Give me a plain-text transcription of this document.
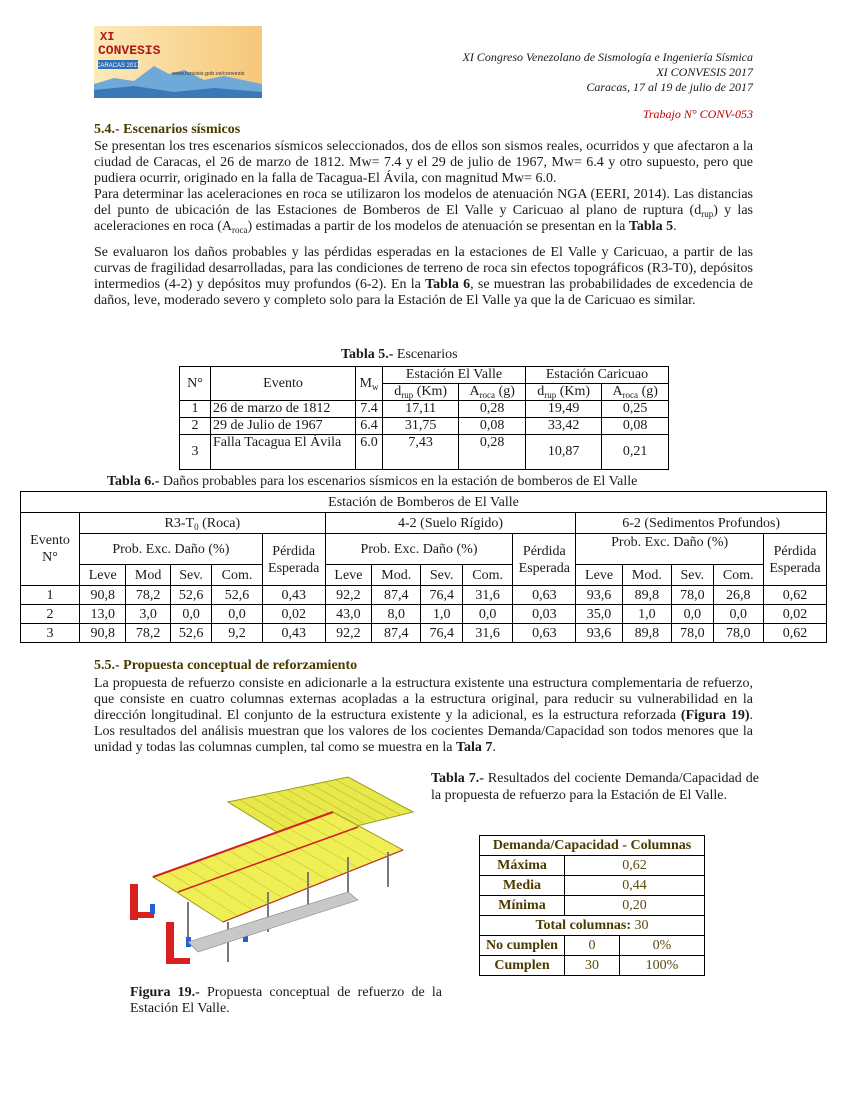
CARACAS 2017
XI
CONVESIS
www.funvisis.gob.ve/convesis
XI Congreso Venezolano de Sismología e Ingeniería Sísmica
XI CONVESIS 2017
Caracas, 17 al 19 de julio de 2017
Trabajo N° CONV-053
5.4.- Escenarios sísmicos

Se presentan los tres escenarios sísmicos seleccionados, dos de ellos son sismos reales, ocurridos y que afectaron a la ciudad de Caracas, el 26 de marzo de 1812. Mw= 7.4 y el 29 de julio de 1967, Mw= 6.4 y otro supuesto, pero que pudiera ocurrir, originado en la falla de Tacagua-El Ávila, con magnitud Mw= 6.0.

Para determinar las aceleraciones en roca se utilizaron los modelos de atenuación NGA (EERI, 2014). Las distancias del punto de ubicación de las Estaciones de Bomberos de El Valle y Caricuao al plano de ruptura $(d_{rup})$ y las aceleraciones en roca $(A_{roca})$ estimadas a partir de los modelos de atenuación se presentan en la Tabla 5.

Se evaluaron los daños probables y las pérdidas esperadas en la estaciones de El Valle y Caricuao, a partir de las curvas de fragilidad desarrolladas, para las condiciones de terreno de roca sin efectos topográficos (R3-T0), depósitos intermedios (4-2) y depósitos muy profundos (6-2). En la Tabla 6, se muestran las probabilidades de excedencia de daños, leve, moderado severo y completo solo para la Estación de El Valle ya que la de Caricuao es similar.

Tabla 5.- Escenarios
N°	Evento	$M_w$	Estación El Valle		Estación Caricuao	
			$d_{rup}$ (Km)	$A_{roca}$ (g)	$d_{rup}$ (Km)	$A_{roca}$ (g)
1	26 de marzo de 1812	7.4	17,11	0,28	19,49	0,25
2	29 de Julio de 1967	6.4	31,75	0,08	33,42	0,08
3	Falla Tacagua El Ávila	6.0	7,43	0,28	10,87	0,21
Tabla 6.- Daños probables para los escenarios sísmicos en la estación de bomberos de El Valle
Estación de Bomberos de El Valle															
Evento N°	$R3-T_0$ (Roca)					4-2 (Suelo Rígido)					6-2 (Sedimentos Profundos)				
	Prob. Exc. Daño (%)				Pérdida Esperada	Prob. Exc. Daño (%)				Pérdida Esperada	Prob. Exc. Daño (%)				Pérdida Esperada
	Leve	Mod	Sev.	Com.		Leve	Mod.	Sev.	Com.		Leve	Mod.	Sev.	Com.	
1	90,8	78,2	52,6	52,6	0,43	92,2	87,4	76,4	31,6	0,63	93,6	89,8	78,0	26,8	0,62
2	13,0	3,0	0,0	0,0	0,02	43,0	8,0	1,0	0,0	0,03	35,0	1,0	0,0	0,0	0,02
3	90,8	78,2	52,6	9,2	0,43	92,2	87,4	76,4	31,6	0,63	93,6	89,8	78,0	78,0	0,62
5.5.- Propuesta conceptual de reforzamiento

La propuesta de refuerzo consiste en adicionarle a la estructura existente una estructura complementaria de refuerzo, que consiste en cuatro columnas externas acopladas a la estructura original, para reducir su vulnerabilidad en la dirección longitudinal. El conjunto de la estructura existente y la adicional, es la estructura reforzada (Figura 19). Los resultados del análisis muestran que los valores de los cocientes Demanda/Capacidad son todos menores que la unidad y todas las columnas cumplen, tal como se muestra en la Tala 7.

Figura 19.- Propuesta conceptual de refuerzo de la Estación El Valle.
Tabla 7.- Resultados del cociente Demanda/Capacidad de la propuesta de refuerzo para la Estación de El Valle.
Demanda/Capacidad - Columnas		
Máxima	0,62	
Media	0,44	
Mínima	0,20	
Total columnas: 30		
No cumplen	0	0%
Cumplen	30	100%
